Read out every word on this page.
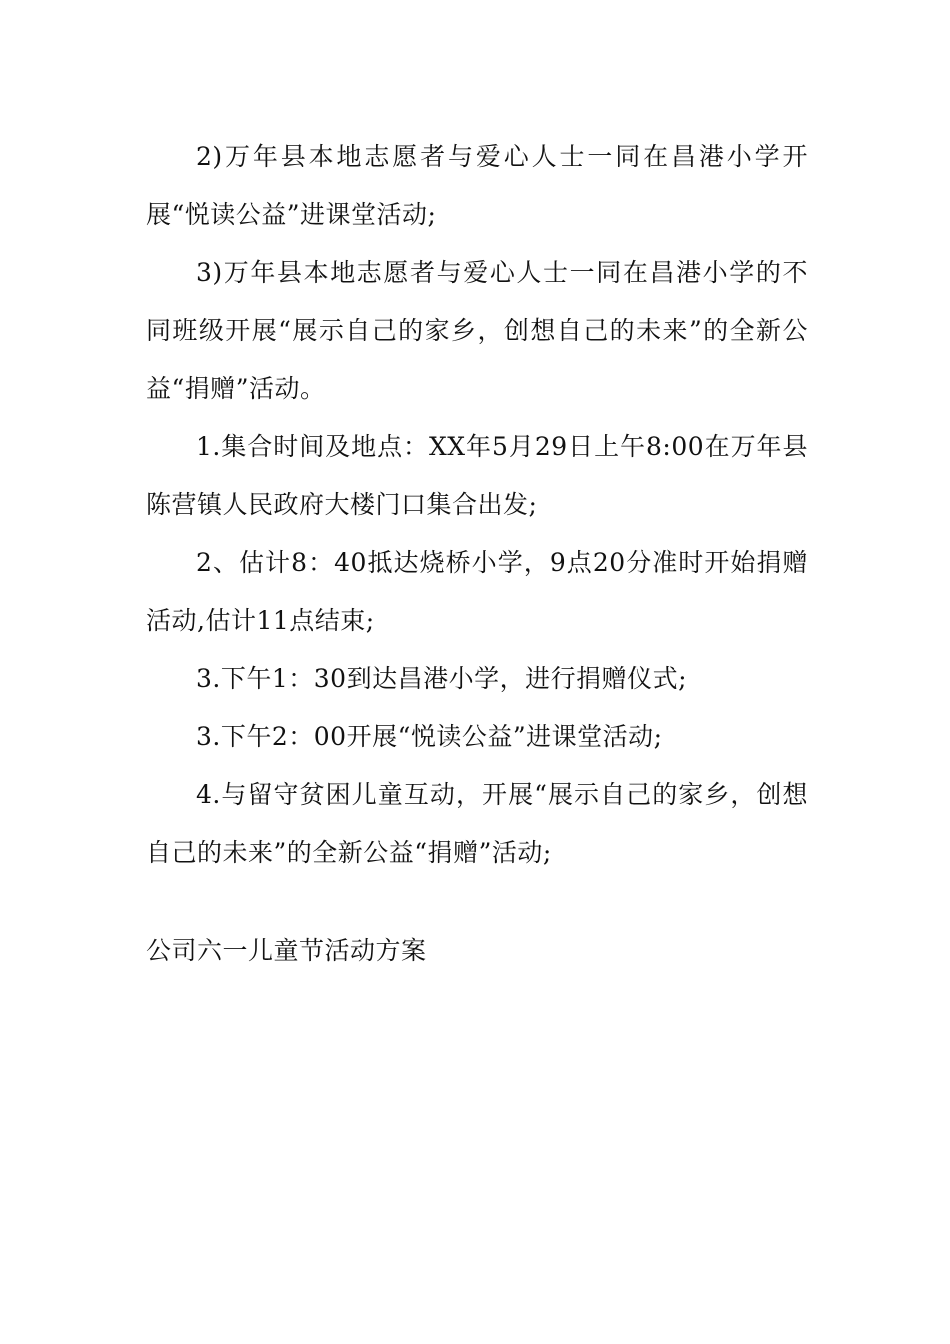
2)万年县本地志愿者与爱心人士一同在昌港小学开展“悦读公益”进课堂活动;

3)万年县本地志愿者与爱心人士一同在昌港小学的不同班级开展“展示自己的家乡，创想自己的未来”的全新公益“捐赠”活动。

1.集合时间及地点：XX年5月29日上午8:00在万年县陈营镇人民政府大楼门口集合出发;

2、估计8：40抵达烧桥小学，9点20分准时开始捐赠活动,估计11点结束;

3.下午1：30到达昌港小学，进行捐赠仪式;

3.下午2：00开展“悦读公益”进课堂活动;

4.与留守贫困儿童互动，开展“展示自己的家乡，创想自己的未来”的全新公益“捐赠”活动;

公司六一儿童节活动方案
